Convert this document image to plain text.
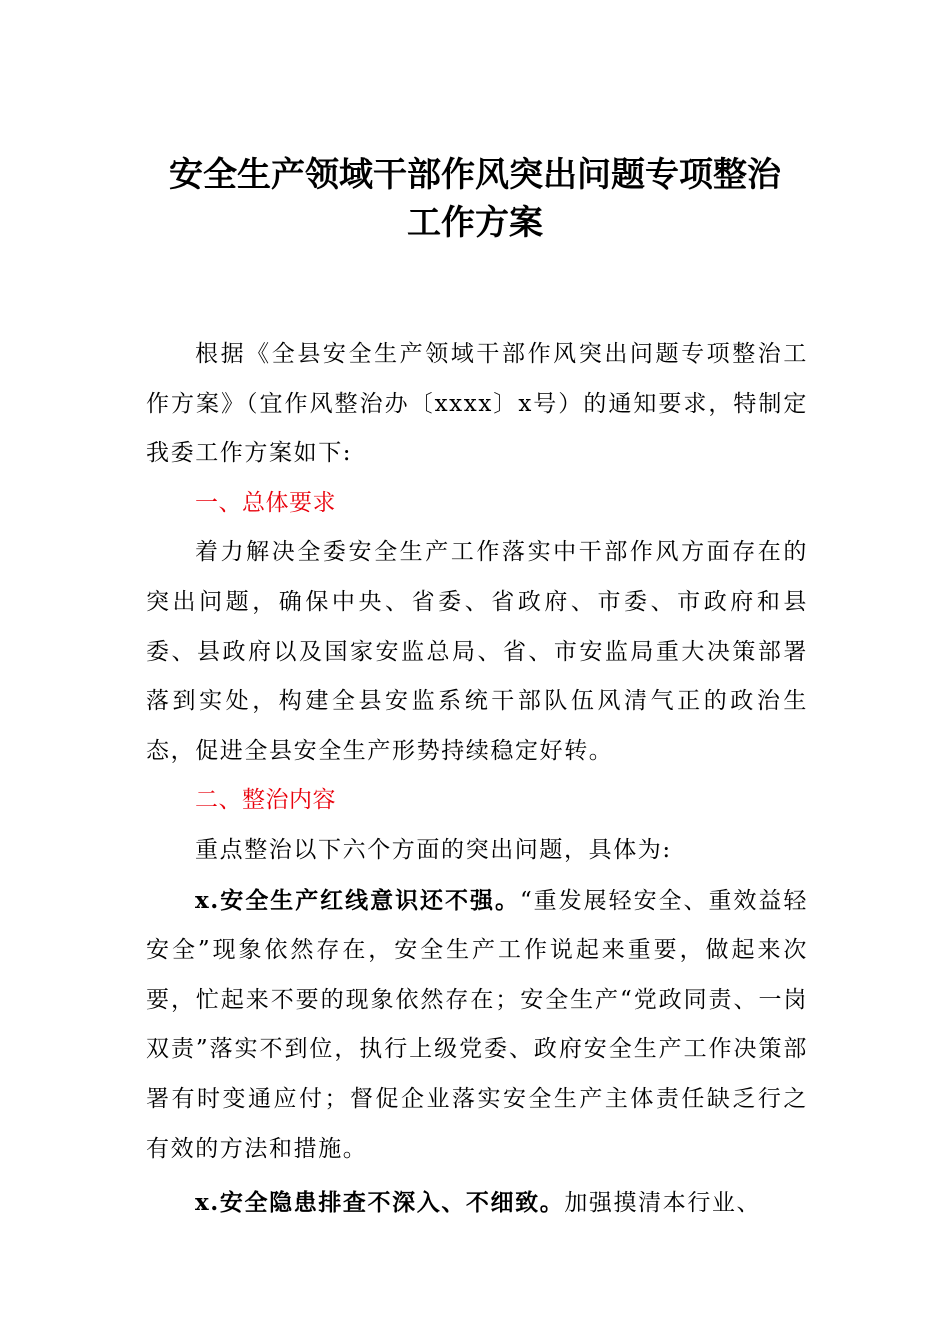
安全生产领域干部作风突出问题专项整治
工作方案

根据《全县安全生产领域干部作风突出问题专项整治工作方案》（宜作风整治办〔xxxx〕x号）的通知要求，特制定我委工作方案如下:

一、总体要求

着力解决全委安全生产工作落实中干部作风方面存在的突出问题，确保中央、省委、省政府、市委、市政府和县委、县政府以及国家安监总局、省、市安监局重大决策部署落到实处，构建全县安监系统干部队伍风清气正的政治生态，促进全县安全生产形势持续稳定好转。

二、整治内容

重点整治以下六个方面的突出问题，具体为:

x.安全生产红线意识还不强。“重发展轻安全、重效益轻安全”现象依然存在，安全生产工作说起来重要，做起来次要，忙起来不要的现象依然存在；安全生产“党政同责、一岗双责”落实不到位，执行上级党委、政府安全生产工作决策部署有时变通应付；督促企业落实安全生产主体责任缺乏行之有效的方法和措施。

x.安全隐患排查不深入、不细致。加强摸清本行业、
